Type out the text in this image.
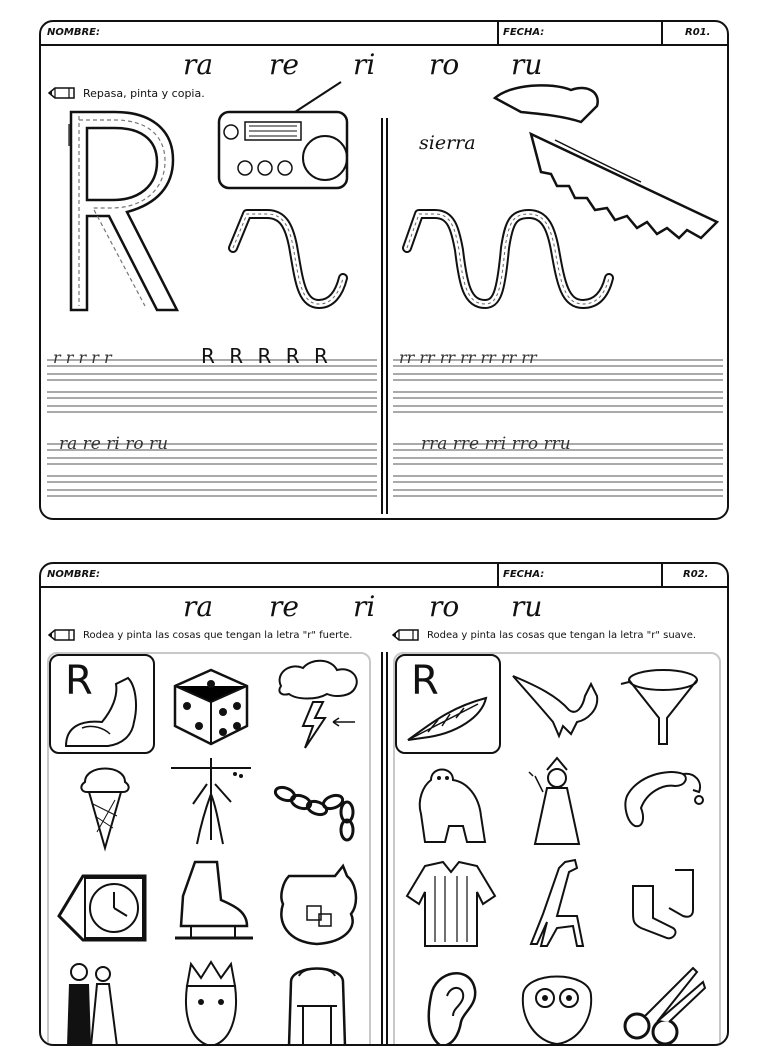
NOMBRE:	FECHA:	R01.
ra re ri ro ru
Repasa, pinta y copia.
sierra
r r r r r	R R R R R
ra re ri ro ru
rr rr rr rr rr rr rr
rra rre rri rro rru
NOMBRE:	FECHA:	R02.
ra re ri ro ru
Rodea y pinta las cosas que tengan la letra "r" fuerte.	Rodea y pinta las cosas que tengan la letra "r" suave.
R	R
